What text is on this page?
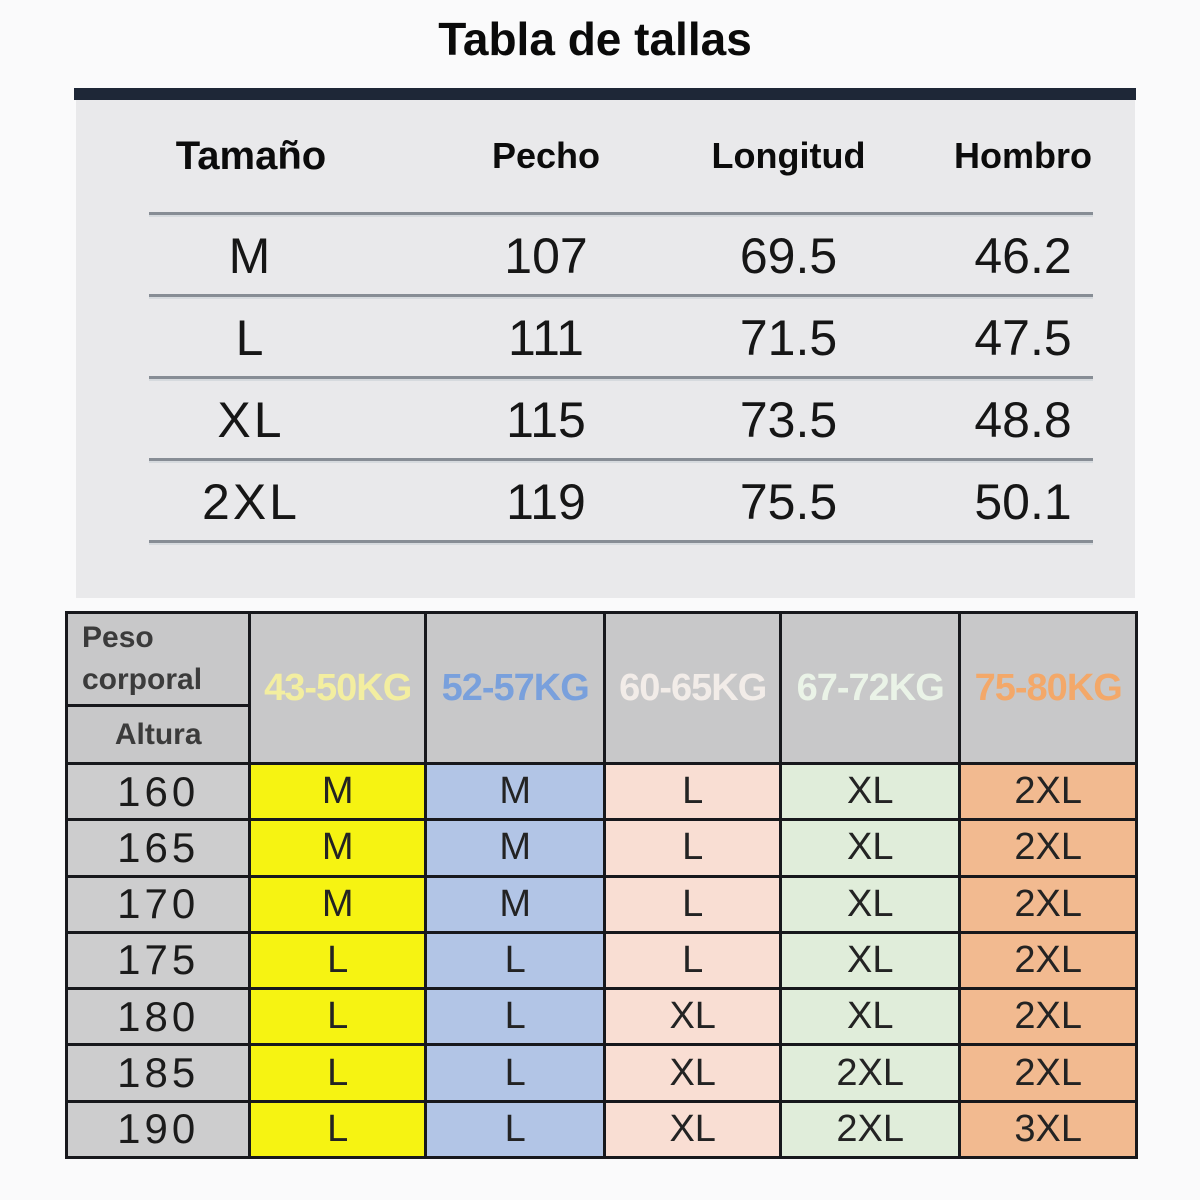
Tabla de tallas
Tamaño	Pecho	Longitud	Hombro
M	107	69.5	46.2
L	111	71.5	47.5
XL	115	73.5	48.8
2XL	119	75.5	50.1
Peso
corporal
Altura
43-50KG 52-57KG 60-65KG 67-72KG 75-80KG
160	M	M	L	XL	2XL
165	M	M	L	XL	2XL
170	M	M	L	XL	2XL
175	L	L	L	XL	2XL
180	L	L	XL	XL	2XL
185	L	L	XL	2XL	2XL
190	L	L	XL	2XL	3XL
